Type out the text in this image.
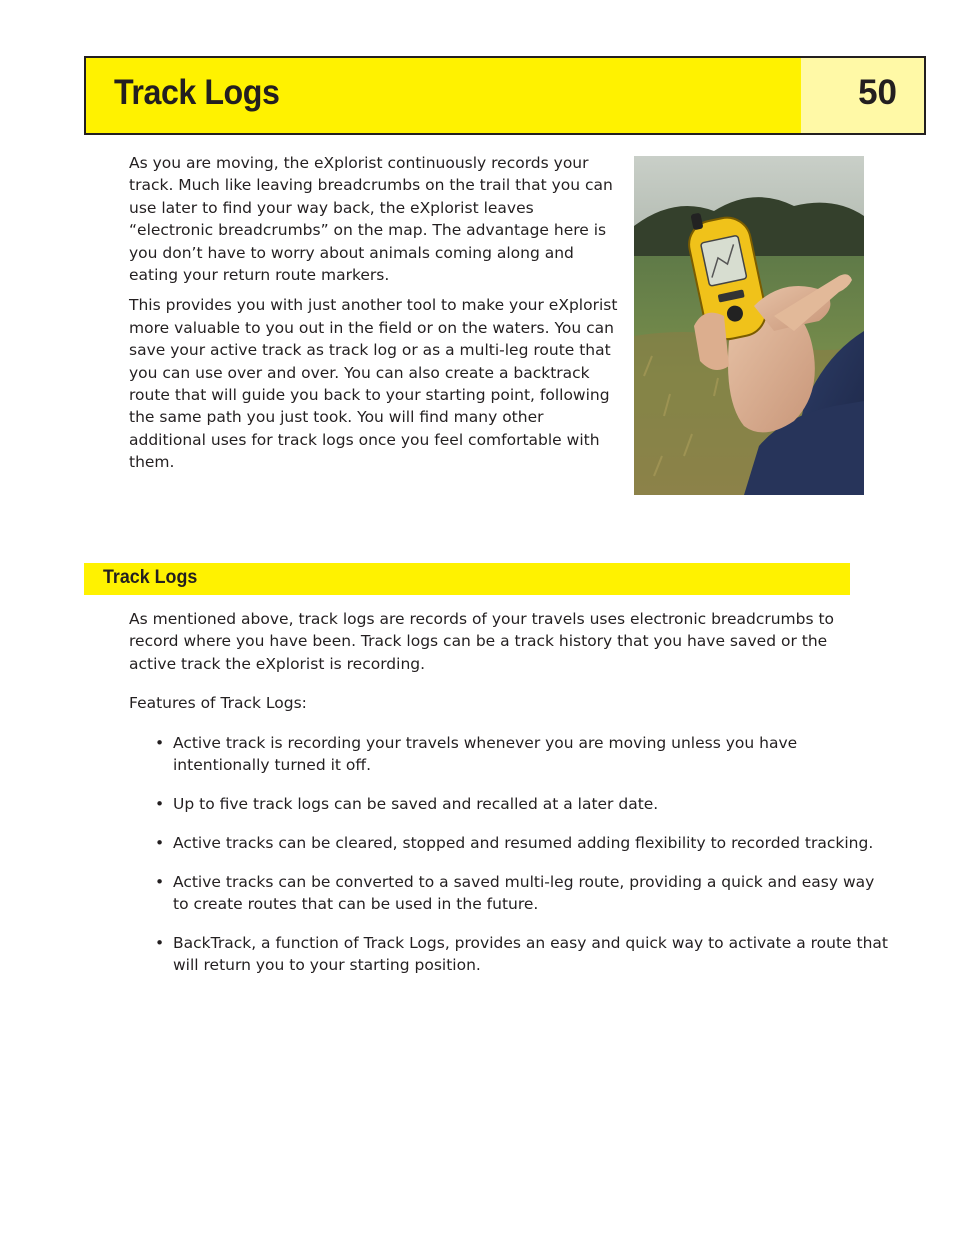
Track Logs	50

As you are moving, the eXplorist continuously records your track. Much like leaving breadcrumbs on the trail that you can use later to find your way back, the eXplorist leaves “electronic breadcrumbs” on the map. The advantage here is you don’t have to worry about animals coming along and eating your return route markers.

This provides you with just another tool to make your eXplorist more valuable to you out in the field or on the waters. You can save your active track as track log or as a multi-leg route that you can use over and over. You can also create a backtrack route that will guide you back to your starting point, following the same path you just took. You will find many other additional uses for track logs once you feel comfortable with them.

Track Logs

As mentioned above, track logs are records of your travels uses electronic breadcrumbs to record where you have been. Track logs can be a track history that you have saved or the active track the eXplorist is recording.

Features of Track Logs:

• Active track is recording your travels whenever you are moving unless you have intentionally turned it off.
• Up to five track logs can be saved and recalled at a later date.
• Active tracks can be cleared, stopped and resumed adding flexibility to recorded tracking.
• Active tracks can be converted to a saved multi-leg route, providing a quick and easy way to create routes that can be used in the future.
• BackTrack, a function of Track Logs, provides an easy and quick way to activate a route that will return you to your starting position.
